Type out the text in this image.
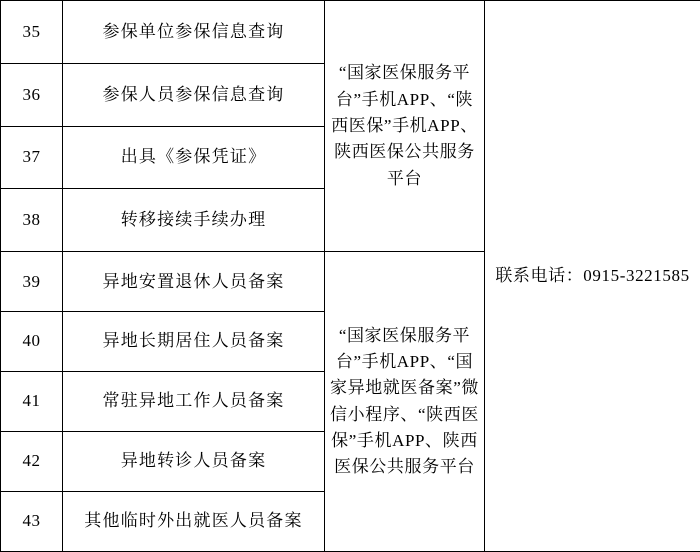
35	参保单位参保信息查询	“国家医保服务平台”手机APP、“陕西医保”手机APP、陕西医保公共服务平台	联系电话：0915-3221585
36	参保人员参保信息查询		
37	出具《参保凭证》		
38	转移接续手续办理		
39	异地安置退休人员备案	“国家医保服务平台”手机APP、“国家异地就医备案”微信小程序、“陕西医保”手机APP、陕西医保公共服务平台	
40	异地长期居住人员备案		
41	常驻异地工作人员备案		
42	异地转诊人员备案		
43	其他临时外出就医人员备案		
